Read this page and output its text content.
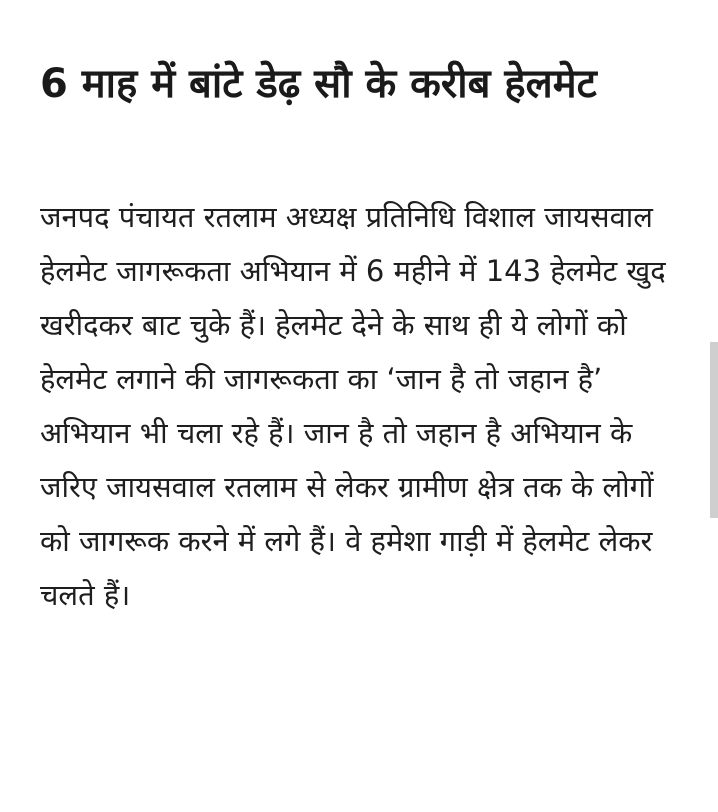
6 माह में बांटे डेढ़ सौ के करीब हेलमेट

जनपद पंचायत रतलाम अध्यक्ष प्रतिनिधि विशाल जायसवाल हेलमेट जागरूकता अभियान में 6 महीने में 143 हेलमेट खुद खरीदकर बाट चुके हैं। हेलमेट देने के साथ ही ये लोगों को हेलमेट लगाने की जागरूकता का ‘जान है तो जहान है’ अभियान भी चला रहे हैं। जान है तो जहान है अभियान के जरिए जायसवाल रतलाम से लेकर ग्रामीण क्षेत्र तक के लोगों को जागरूक करने में लगे हैं। वे हमेशा गाड़ी में हेलमेट लेकर चलते हैं।
